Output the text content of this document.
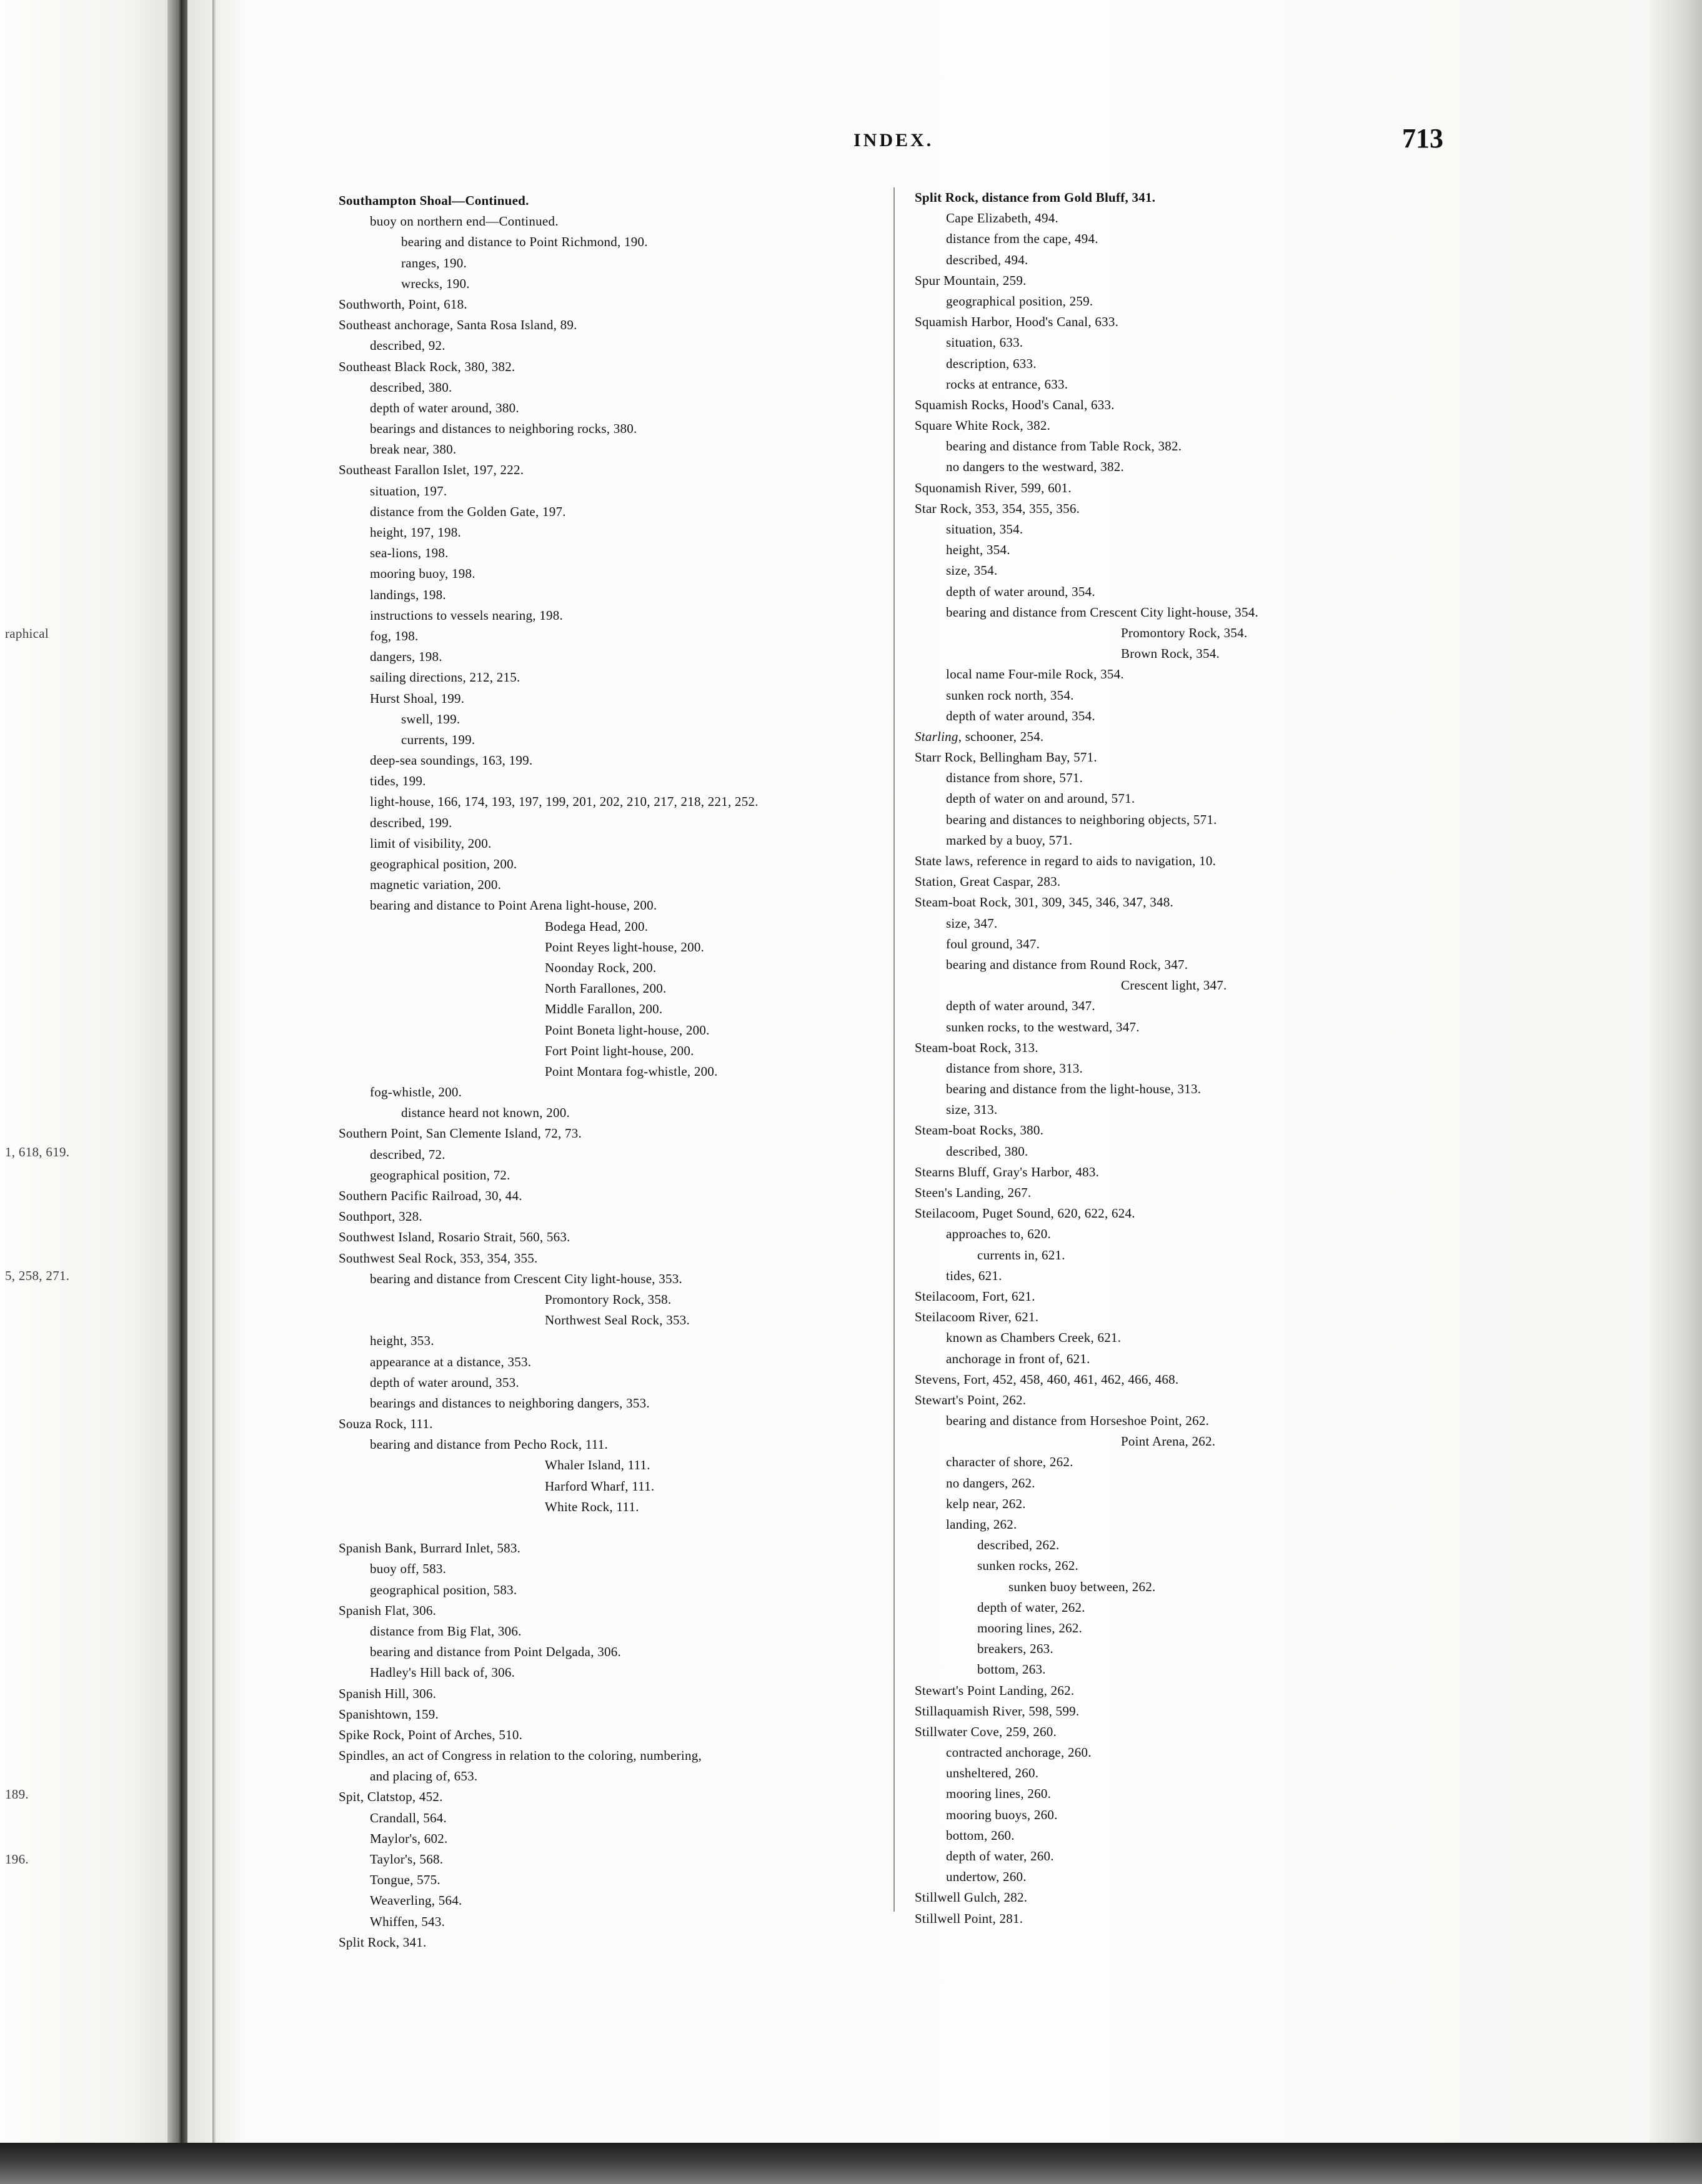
raphical
1, 618, 619.
5, 258, 271.
189.
196.
INDEX.	713
Southampton Shoal—Continued.
buoy on northern end—Continued.
bearing and distance to Point Richmond, 190.
ranges, 190.
wrecks, 190.
Southworth, Point, 618.
Southeast anchorage, Santa Rosa Island, 89.
described, 92.
Southeast Black Rock, 380, 382.
described, 380.
depth of water around, 380.
bearings and distances to neighboring rocks, 380.
break near, 380.
Southeast Farallon Islet, 197, 222.
situation, 197.
distance from the Golden Gate, 197.
height, 197, 198.
sea-lions, 198.
mooring buoy, 198.
landings, 198.
instructions to vessels nearing, 198.
fog, 198.
dangers, 198.
sailing directions, 212, 215.
Hurst Shoal, 199.
swell, 199.
currents, 199.
deep-sea soundings, 163, 199.
tides, 199.
light-house, 166, 174, 193, 197, 199, 201, 202, 210, 217, 218, 221, 252.
described, 199.
limit of visibility, 200.
geographical position, 200.
magnetic variation, 200.
bearing and distance to Point Arena light-house, 200.
Bodega Head, 200.
Point Reyes light-house, 200.
Noonday Rock, 200.
North Farallones, 200.
Middle Farallon, 200.
Point Boneta light-house, 200.
Fort Point light-house, 200.
Point Montara fog-whistle, 200.
fog-whistle, 200.
distance heard not known, 200.
Southern Point, San Clemente Island, 72, 73.
described, 72.
geographical position, 72.
Southern Pacific Railroad, 30, 44.
Southport, 328.
Southwest Island, Rosario Strait, 560, 563.
Southwest Seal Rock, 353, 354, 355.
bearing and distance from Crescent City light-house, 353.
Promontory Rock, 358.
Northwest Seal Rock, 353.
height, 353.
appearance at a distance, 353.
depth of water around, 353.
bearings and distances to neighboring dangers, 353.
Souza Rock, 111.
bearing and distance from Pecho Rock, 111.
Whaler Island, 111.
Harford Wharf, 111.
White Rock, 111.
Spanish Bank, Burrard Inlet, 583.
buoy off, 583.
geographical position, 583.
Spanish Flat, 306.
distance from Big Flat, 306.
bearing and distance from Point Delgada, 306.
Hadley's Hill back of, 306.
Spanish Hill, 306.
Spanishtown, 159.
Spike Rock, Point of Arches, 510.
Spindles, an act of Congress in relation to the coloring, numbering,
and placing of, 653.
Spit, Clatstop, 452.
Crandall, 564.
Maylor's, 602.
Taylor's, 568.
Tongue, 575.
Weaverling, 564.
Whiffen, 543.
Split Rock, 341.
Split Rock, distance from Gold Bluff, 341.
Cape Elizabeth, 494.
distance from the cape, 494.
described, 494.
Spur Mountain, 259.
geographical position, 259.
Squamish Harbor, Hood's Canal, 633.
situation, 633.
description, 633.
rocks at entrance, 633.
Squamish Rocks, Hood's Canal, 633.
Square White Rock, 382.
bearing and distance from Table Rock, 382.
no dangers to the westward, 382.
Squonamish River, 599, 601.
Star Rock, 353, 354, 355, 356.
situation, 354.
height, 354.
size, 354.
depth of water around, 354.
bearing and distance from Crescent City light-house, 354.
Promontory Rock, 354.
Brown Rock, 354.
local name Four-mile Rock, 354.
sunken rock north, 354.
depth of water around, 354.
Starling, schooner, 254.
Starr Rock, Bellingham Bay, 571.
distance from shore, 571.
depth of water on and around, 571.
bearing and distances to neighboring objects, 571.
marked by a buoy, 571.
State laws, reference in regard to aids to navigation, 10.
Station, Great Caspar, 283.
Steam-boat Rock, 301, 309, 345, 346, 347, 348.
size, 347.
foul ground, 347.
bearing and distance from Round Rock, 347.
Crescent light, 347.
depth of water around, 347.
sunken rocks, to the westward, 347.
Steam-boat Rock, 313.
distance from shore, 313.
bearing and distance from the light-house, 313.
size, 313.
Steam-boat Rocks, 380.
described, 380.
Stearns Bluff, Gray's Harbor, 483.
Steen's Landing, 267.
Steilacoom, Puget Sound, 620, 622, 624.
approaches to, 620.
currents in, 621.
tides, 621.
Steilacoom, Fort, 621.
Steilacoom River, 621.
known as Chambers Creek, 621.
anchorage in front of, 621.
Stevens, Fort, 452, 458, 460, 461, 462, 466, 468.
Stewart's Point, 262.
bearing and distance from Horseshoe Point, 262.
Point Arena, 262.
character of shore, 262.
no dangers, 262.
kelp near, 262.
landing, 262.
described, 262.
sunken rocks, 262.
sunken buoy between, 262.
depth of water, 262.
mooring lines, 262.
breakers, 263.
bottom, 263.
Stewart's Point Landing, 262.
Stillaquamish River, 598, 599.
Stillwater Cove, 259, 260.
contracted anchorage, 260.
unsheltered, 260.
mooring lines, 260.
mooring buoys, 260.
bottom, 260.
depth of water, 260.
undertow, 260.
Stillwell Gulch, 282.
Stillwell Point, 281.
